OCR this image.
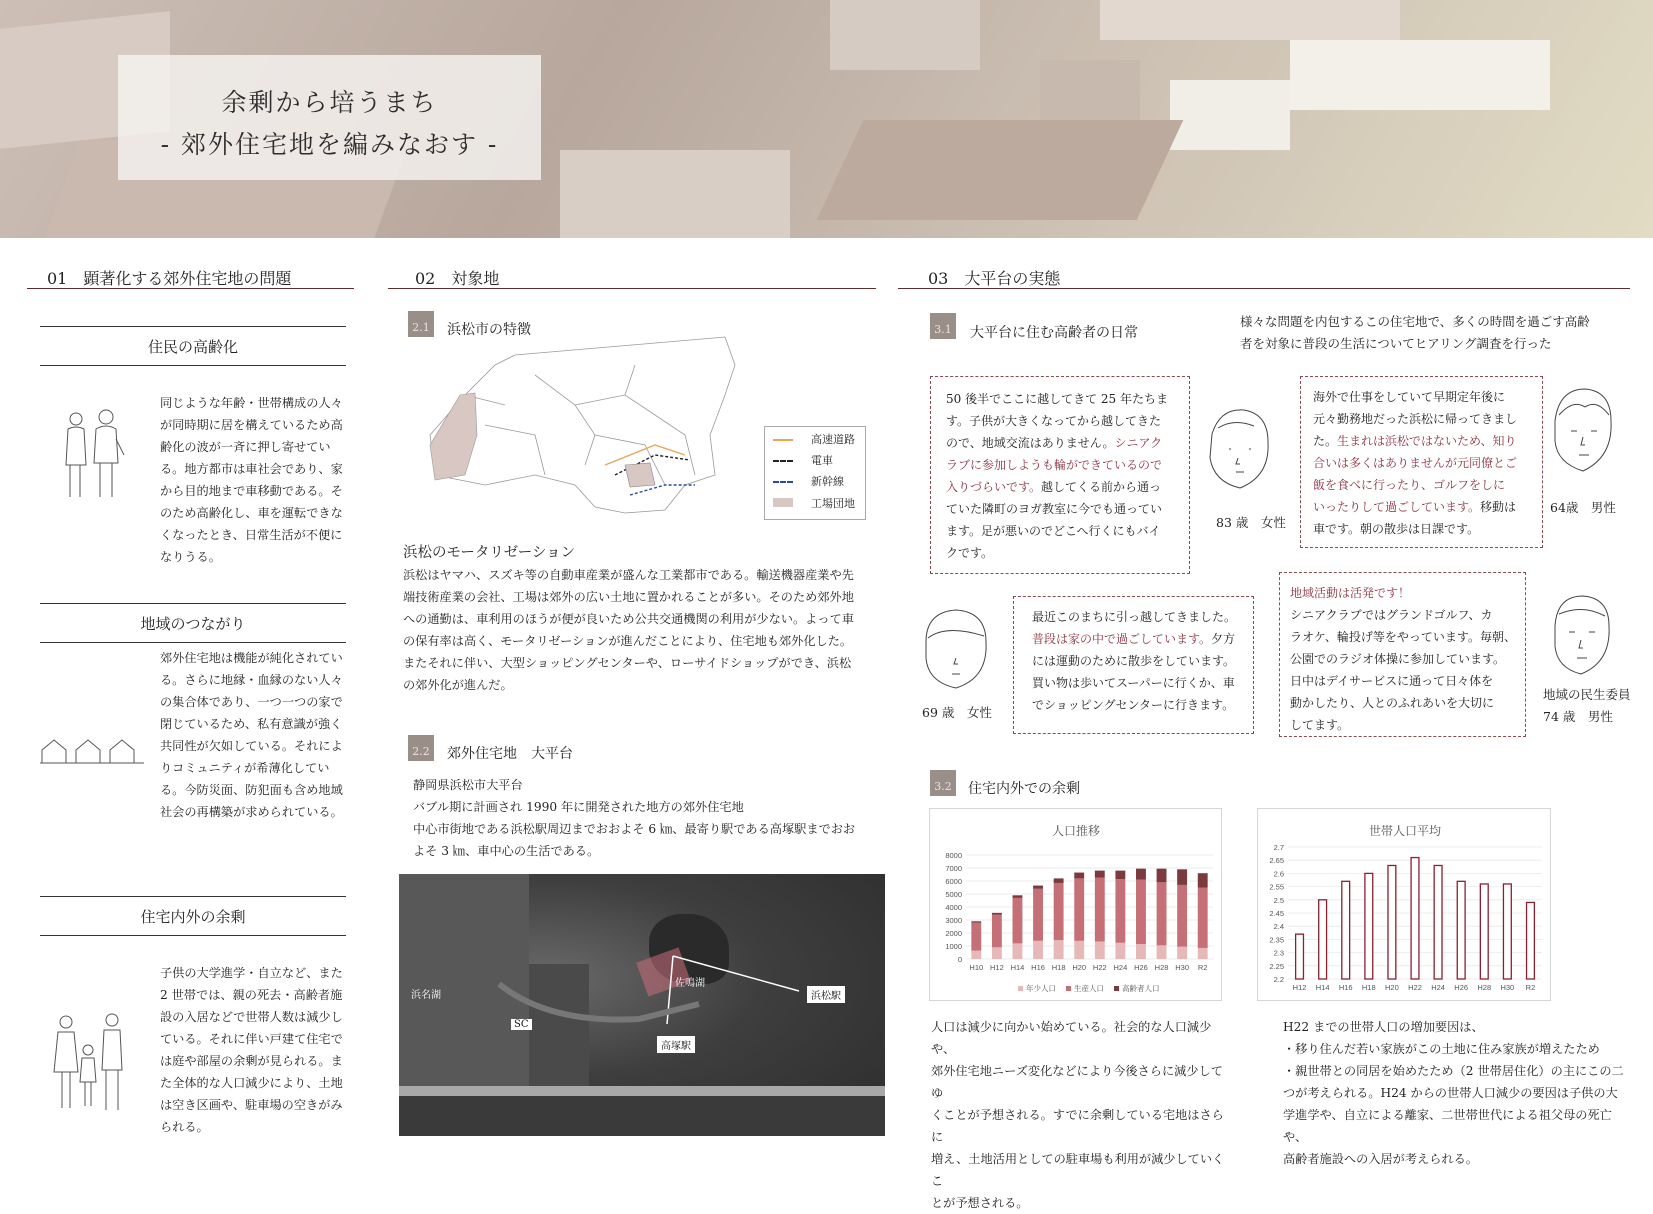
余剰から培うまち
- 郊外住宅地を編みなおす -
01　顕著化する郊外住宅地の問題
住民の高齢化
同じような年齢・世帯構成の人々
が同時期に居を構えているため高
齢化の波が一斉に押し寄せてい
る。地方都市は車社会であり、家
から目的地まで車移動である。そ
のため高齢化し、車を運転できな
くなったとき、日常生活が不便に
なりうる。
地域のつながり
郊外住宅地は機能が純化されてい
る。さらに地縁・血縁のない人々
の集合体であり、一つ一つの家で
閉じているため、私有意識が強く
共同性が欠如している。それによ
りコミュニティが希薄化してい
る。今防災面、防犯面も含め地域
社会の再構築が求められている。
住宅内外の余剰
子供の大学進学・自立など、また
2 世帯では、親の死去・高齢者施
設の入居などで世帯人数は減少し
ている。それに伴い戸建て住宅で
は庭や部屋の余剰が見られる。ま
た全体的な人口減少により、土地
は空き区画や、駐車場の空きがみ
られる。
02　対象地
2.1	浜松市の特徴
高速道路
電車
新幹線
工場団地
浜松のモータリゼーション
浜松はヤマハ、スズキ等の自動車産業が盛んな工業都市である。輸送機器産業や先
端技術産業の会社、工場は郊外の広い土地に置かれることが多い。そのため郊外地
への通勤は、車利用のほうが便が良いため公共交通機関の利用が少ない。よって車
の保有率は高く、モータリゼーションが進んだことにより、住宅地も郊外化した。
またそれに伴い、大型ショッピングセンターや、ローサイドショップができ、浜松
の郊外化が進んだ。
2.2	郊外住宅地　大平台
静岡県浜松市大平台
バブル期に計画され 1990 年に開発された地方の郊外住宅地
中心市街地である浜松駅周辺までおおよそ 6 ㎞、最寄り駅である高塚駅までおお
よそ 3 ㎞、車中心の生活である。
浜名湖
佐鳴湖
浜松駅
SC
高塚駅
03　大平台の実態
3.1	大平台に住む高齢者の日常
様々な問題を内包するこの住宅地で、多くの時間を過ごす高齢
者を対象に普段の生活についてヒアリング調査を行った
50 後半でここに越してきて 25 年たちま
す。子供が大きくなってから越してきた
ので、地域交流はありません。シニアク
ラブに参加しようも輪ができているので
入りづらいです。越してくる前から通っ
ていた隣町のヨガ教室に今でも通ってい
ます。足が悪いのでどこへ行くにもバイ
クです。
83 歳　女性
海外で仕事をしていて早期定年後に
元々勤務地だった浜松に帰ってきまし
た。生まれは浜松ではないため、知り
合いは多くはありませんが元同僚とご
飯を食べに行ったり、ゴルフをしに
いったりして過ごしています。移動は
車です。朝の散歩は日課です。
64歳　男性
69 歳　女性
最近このまちに引っ越してきました。
普段は家の中で過ごしています。夕方
には運動のために散歩をしています。
買い物は歩いてスーパーに行くか、車
でショッピングセンターに行きます。
地域活動は活発です！
シニアクラブではグランドゴルフ、カ
ラオケ、輪投げ等をやっています。毎朝、
公園でのラジオ体操に参加しています。
日中はデイサービスに通って日々体を
動かしたり、人とのふれあいを大切に
してます。
地域の民生委員
74 歳　男性
3.2	住宅内外での余剰
人口推移
0
1000
2000
3000
4000
5000
6000
7000
8000
H10 H12 H14 H16 H18 H20 H22 H24 H26 H28 H30 R2
年少人口 生産人口 高齢者人口
世帯人口平均
2.2
2.25
2.3
2.35
2.4
2.45
2.5
2.55
2.6
2.65
2.7
H12 H14 H16 H18 H20 H22 H24 H26 H28 H30 R2
人口は減少に向かい始めている。社会的な人口減少や、
郊外住宅地ニーズ変化などにより今後さらに減少してゆ
くことが予想される。すでに余剰している宅地はさらに
増え、土地活用としての駐車場も利用が減少していくこ
とが予想される。
H22 までの世帯人口の増加要因は、
・移り住んだ若い家族がこの土地に住み家族が増えたため
・親世帯との同居を始めたため（2 世帯居住化）の主にこの二
つが考えられる。H24 からの世帯人口減少の要因は子供の大
学進学や、自立による離家、二世帯世代による祖父母の死亡や、
高齢者施設への入居が考えられる。
